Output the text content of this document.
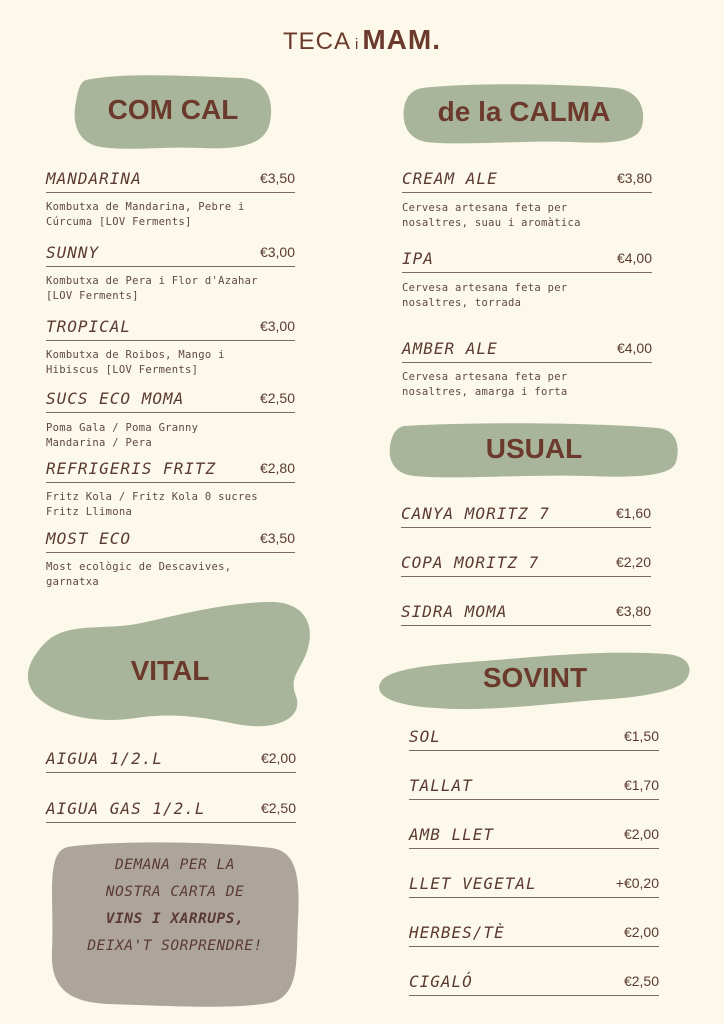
TECA i MAM.
COM CAL	de la CALMA
USUAL
VITAL	SOVINT
MANDARINA	€3,50
Kombutxa de Mandarina, Pebre i
Cúrcuma [LOV Ferments]
SUNNY	€3,00
Kombutxa de Pera i Flor d'Azahar
[LOV Ferments]
TROPICAL	€3,00
Kombutxa de Roibos, Mango i
Hibiscus [LOV Ferments]
SUCS ECO MOMA	€2,50
Poma Gala / Poma Granny
Mandarina / Pera
REFRIGERIS FRITZ	€2,80
Fritz Kola / Fritz Kola 0 sucres
Fritz Llimona
MOST ECO	€3,50
Most ecològic de Descavives,
garnatxa
CREAM ALE	€3,80
Cervesa artesana feta per
nosaltres, suau i aromàtica
IPA	€4,00
Cervesa artesana feta per
nosaltres, torrada
AMBER ALE	€4,00
Cervesa artesana feta per
nosaltres, amarga i forta
CANYA MORITZ 7	€1,60
COPA MORITZ 7	€2,20
SIDRA MOMA	€3,80
AIGUA 1/2.L	€2,00
AIGUA GAS 1/2.L	€2,50
SOL	€1,50
TALLAT	€1,70
AMB LLET	€2,00
LLET VEGETAL	+€0,20
HERBES/TÈ	€2,00
CIGALÓ	€2,50
DEMANA PER LA
NOSTRA CARTA DE
VINS I XARRUPS,
DEIXA'T SORPRENDRE!
